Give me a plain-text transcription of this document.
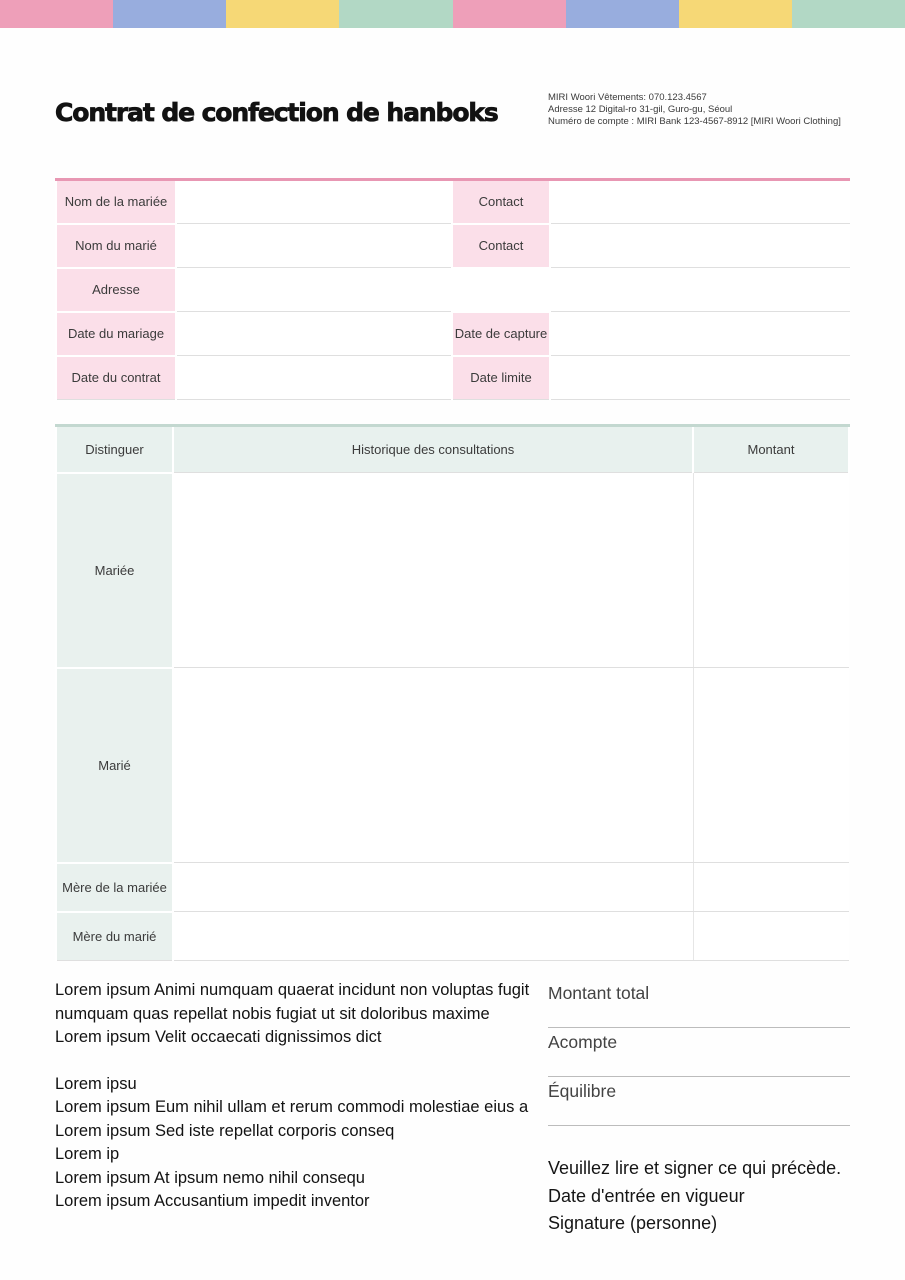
Contrat de confection de hanboks
MIRI Woori Vêtements: 070.123.4567
Adresse 12 Digital-ro 31-gil, Guro-gu, Séoul
Numéro de compte : MIRI Bank 123-4567-8912 [MIRI Woori Clothing]
Nom de la mariée		Contact	
Nom du marié		Contact	
Adresse			
Date du mariage		Date de capture	
Date du contrat		Date limite	
Distinguer	Historique des consultations	Montant
Mariée		
Marié		
Mère de la mariée		
Mère du marié		
Lorem ipsum Animi numquam quaerat incidunt non voluptas fugit numquam quas repellat nobis fugiat ut sit doloribus maxime
Lorem ipsum Velit occaecati dignissimos dict
Lorem ipsu
Lorem ipsum Eum nihil ullam et rerum commodi molestiae eius a
Lorem ipsum Sed iste repellat corporis conseq
Lorem ip
Lorem ipsum At ipsum nemo nihil consequ
Lorem ipsum Accusantium impedit inventor
Montant total
Acompte
Équilibre
Veuillez lire et signer ce qui précède.
Date d'entrée en vigueur
Signature (personne)
